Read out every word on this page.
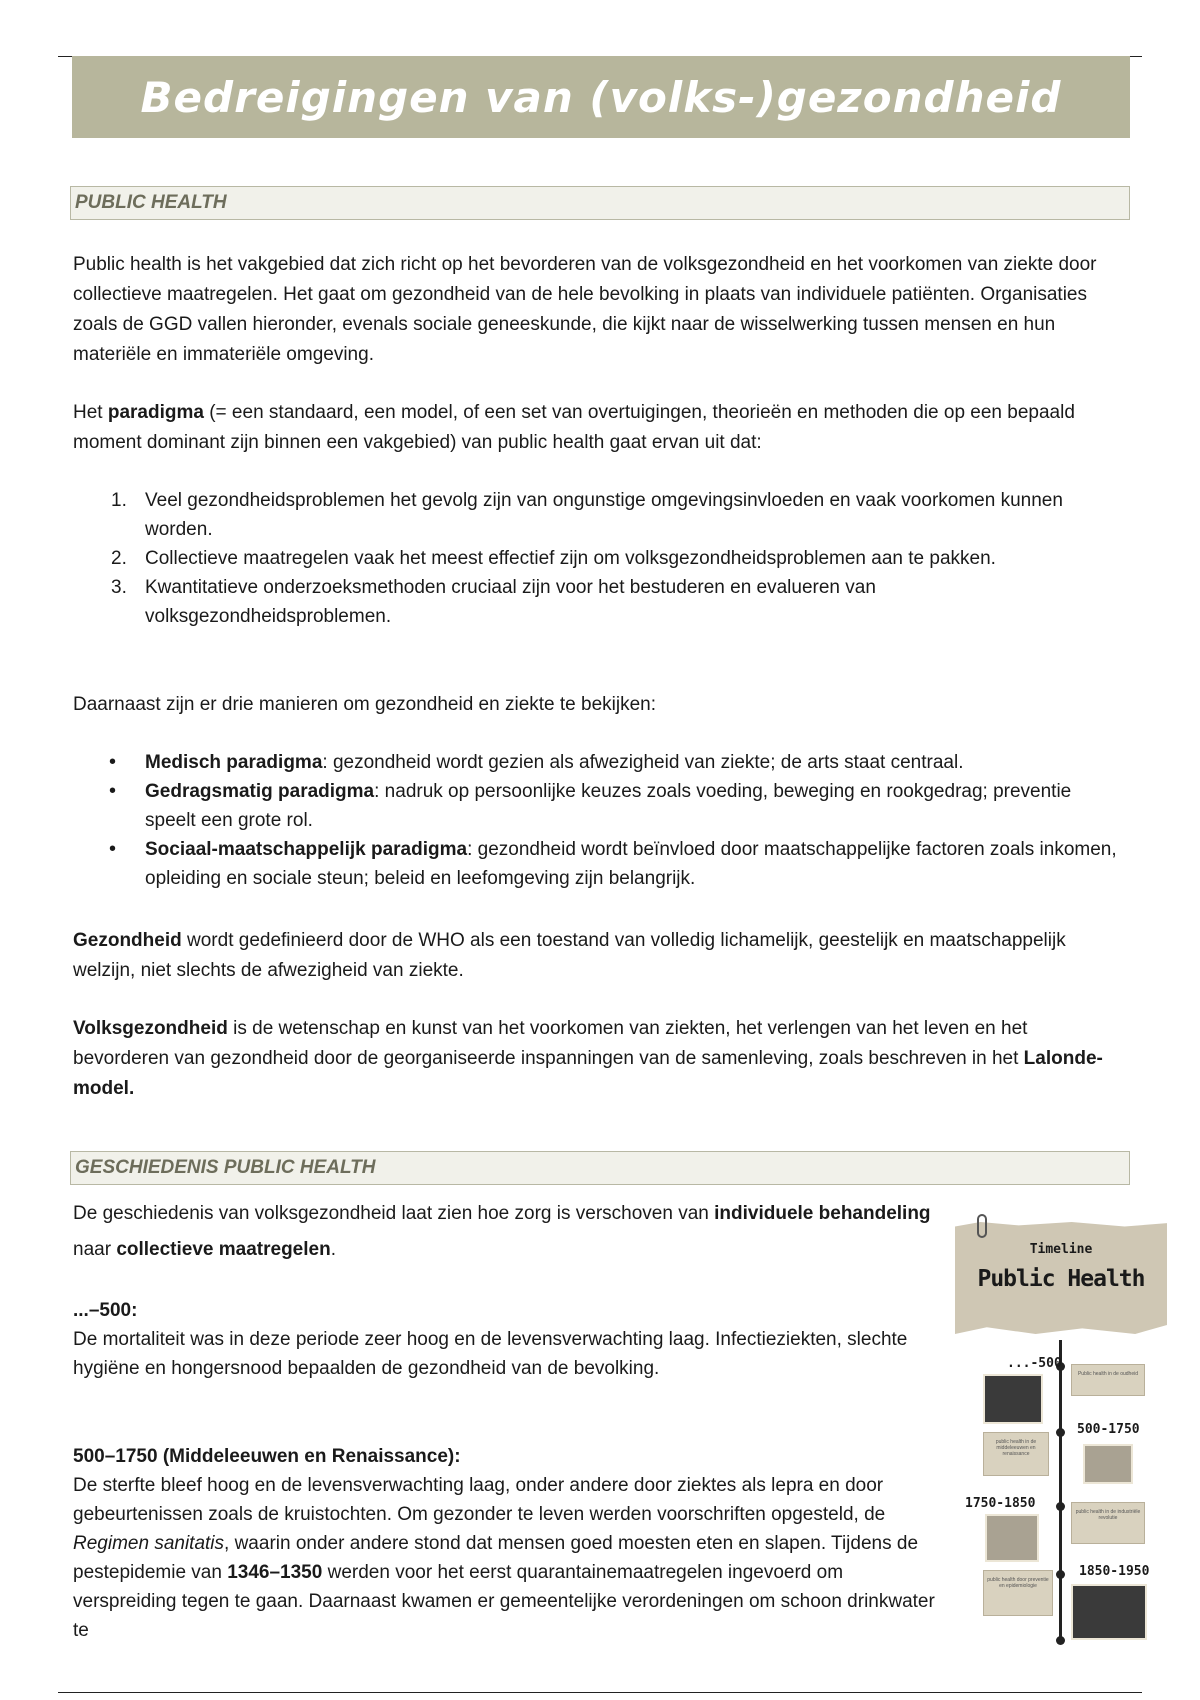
Bedreigingen van (volks-)gezondheid
PUBLIC HEALTH

Public health is het vakgebied dat zich richt op het bevorderen van de volksgezondheid en het voorkomen van ziekte door collectieve maatregelen. Het gaat om gezondheid van de hele bevolking in plaats van individuele patiënten. Organisaties zoals de GGD vallen hieronder, evenals sociale geneeskunde, die kijkt naar de wisselwerking tussen mensen en hun materiële en immateriële omgeving.

Het paradigma (= een standaard, een model, of een set van overtuigingen, theorieën en methoden die op een bepaald moment dominant zijn binnen een vakgebied) van public health gaat ervan uit dat:

1. Veel gezondheidsproblemen het gevolg zijn van ongunstige omgevingsinvloeden en vaak voorkomen kunnen worden.
2. Collectieve maatregelen vaak het meest effectief zijn om volksgezondheidsproblemen aan te pakken.
3. Kwantitatieve onderzoeksmethoden cruciaal zijn voor het bestuderen en evalueren van volksgezondheidsproblemen.

Daarnaast zijn er drie manieren om gezondheid en ziekte te bekijken:

• Medisch paradigma: gezondheid wordt gezien als afwezigheid van ziekte; de arts staat centraal.
• Gedragsmatig paradigma: nadruk op persoonlijke keuzes zoals voeding, beweging en rookgedrag; preventie speelt een grote rol.
• Sociaal-maatschappelijk paradigma: gezondheid wordt beïnvloed door maatschappelijke factoren zoals inkomen, opleiding en sociale steun; beleid en leefomgeving zijn belangrijk.

Gezondheid wordt gedefinieerd door de WHO als een toestand van volledig lichamelijk, geestelijk en maatschappelijk welzijn, niet slechts de afwezigheid van ziekte.

Volksgezondheid is de wetenschap en kunst van het voorkomen van ziekten, het verlengen van het leven en het bevorderen van gezondheid door de georganiseerde inspanningen van de samenleving, zoals beschreven in het Lalonde-model.

GESCHIEDENIS PUBLIC HEALTH

De geschiedenis van volksgezondheid laat zien hoe zorg is verschoven van individuele behandeling naar collectieve maatregelen.

...–500:

De mortaliteit was in deze periode zeer hoog en de levensverwachting laag. Infectieziekten, slechte hygiëne en hongersnood bepaalden de gezondheid van de bevolking.

500–1750 (Middeleeuwen en Renaissance):

De sterfte bleef hoog en de levensverwachting laag, onder andere door ziektes als lepra en door gebeurtenissen zoals de kruistochten. Om gezonder te leven werden voorschriften opgesteld, de Regimen sanitatis, waarin onder andere stond dat mensen goed moesten eten en slapen. Tijdens de pestepidemie van 1346–1350 werden voor het eerst quarantainemaatregelen ingevoerd om verspreiding tegen te gaan. Daarnaast kwamen er gemeentelijke verordeningen om schoon drinkwater te

Timeline
Public Health
...-500
Public health in de oudheid
500-1750
public health in de middeleeuwen en renaissance
1750-1850
public health in de industriële revolutie
1850-1950
public health door preventie en epidemiologie
